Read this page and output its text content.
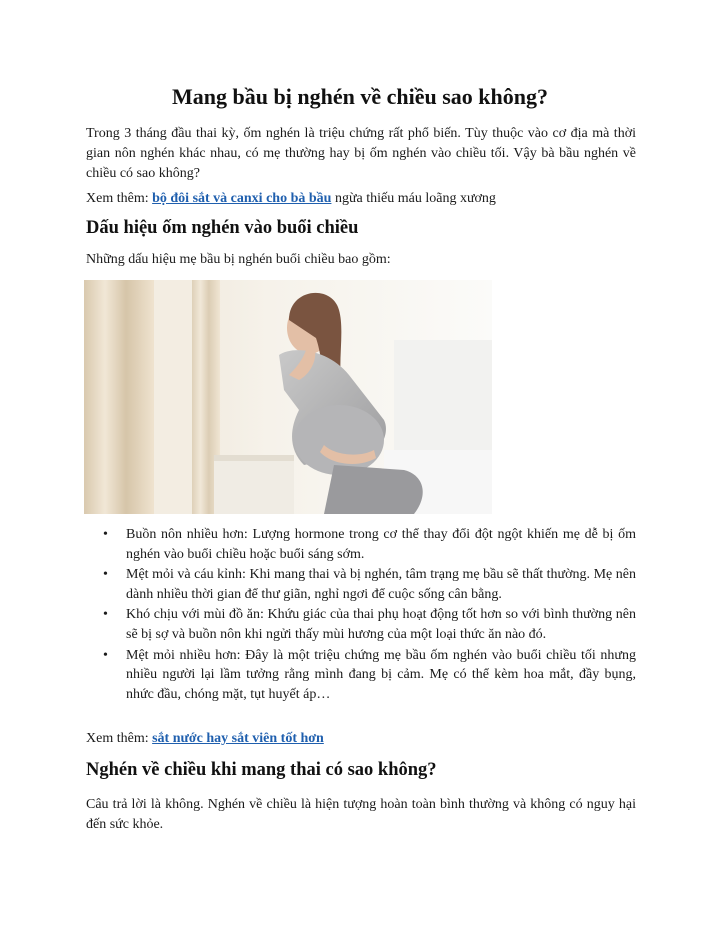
Mang bầu bị nghén về chiều sao không?

Trong 3 tháng đầu thai kỳ, ốm nghén là triệu chứng rất phổ biến. Tùy thuộc vào cơ địa mà thời gian nôn nghén khác nhau, có mẹ thường hay bị ốm nghén vào chiều tối. Vậy bà bầu nghén về chiều có sao không?

Xem thêm: bộ đôi sắt và canxi cho bà bầu ngừa thiếu máu loãng xương

Dấu hiệu ốm nghén vào buổi chiều

Những dấu hiệu mẹ bầu bị nghén buổi chiều bao gồm:

• Buồn nôn nhiều hơn: Lượng hormone trong cơ thể thay đổi đột ngột khiến mẹ dễ bị ốm nghén vào buổi chiều hoặc buổi sáng sớm.
• Mệt mỏi và cáu kỉnh: Khi mang thai và bị nghén, tâm trạng mẹ bầu sẽ thất thường. Mẹ nên dành nhiều thời gian để thư giãn, nghỉ ngơi để cuộc sống cân bằng.
• Khó chịu với mùi đồ ăn: Khứu giác của thai phụ hoạt động tốt hơn so với bình thường nên sẽ bị sợ và buồn nôn khi ngửi thấy mùi hương của một loại thức ăn nào đó.
• Mệt mỏi nhiều hơn: Đây là một triệu chứng mẹ bầu ốm nghén vào buổi chiều tối nhưng nhiều người lại lầm tưởng rằng mình đang bị cảm. Mẹ có thể kèm hoa mắt, đầy bụng, nhức đầu, chóng mặt, tụt huyết áp…

Xem thêm: sắt nước hay sắt viên tốt hơn

Nghén về chiều khi mang thai có sao không?

Câu trả lời là không. Nghén về chiều là hiện tượng hoàn toàn bình thường và không có nguy hại đến sức khỏe.
